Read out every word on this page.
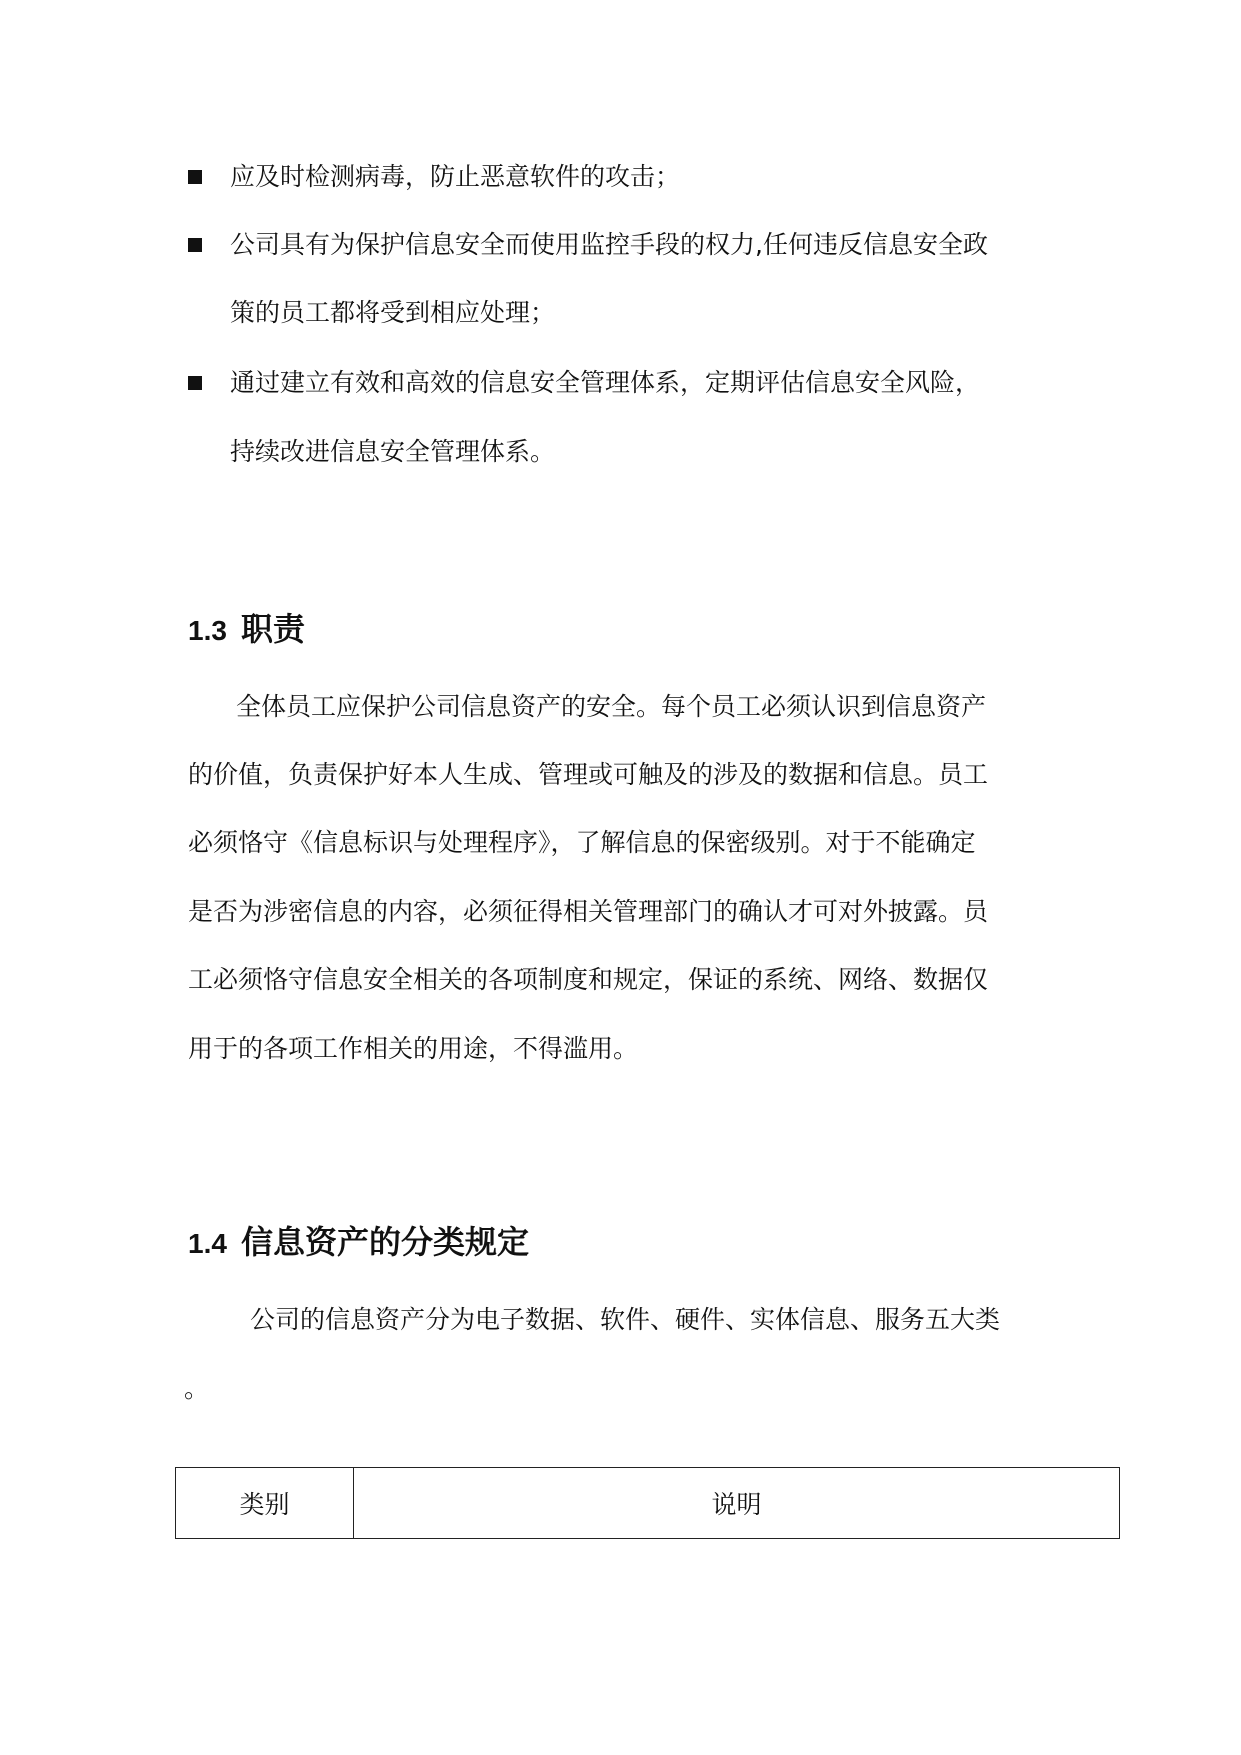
应及时检测病毒，防止恶意软件的攻击；
公司具有为保护信息安全而使用监控手段的权力,任何违反信息安全政
策的员工都将受到相应处理；
通过建立有效和高效的信息安全管理体系，定期评估信息安全风险，
持续改进信息安全管理体系。
1.3 职责
全体员工应保护公司信息资产的安全。每个员工必须认识到信息资产
的价值，负责保护好本人生成、管理或可触及的涉及的数据和信息。员工
必须恪守《信息标识与处理程序》，了解信息的保密级别。对于不能确定
是否为涉密信息的内容，必须征得相关管理部门的确认才可对外披露。员
工必须恪守信息安全相关的各项制度和规定，保证的系统、网络、数据仅
用于的各项工作相关的用途，不得滥用。
1.4 信息资产的分类规定
公司的信息资产分为电子数据、软件、硬件、实体信息、服务五大类
。
类别	说明
